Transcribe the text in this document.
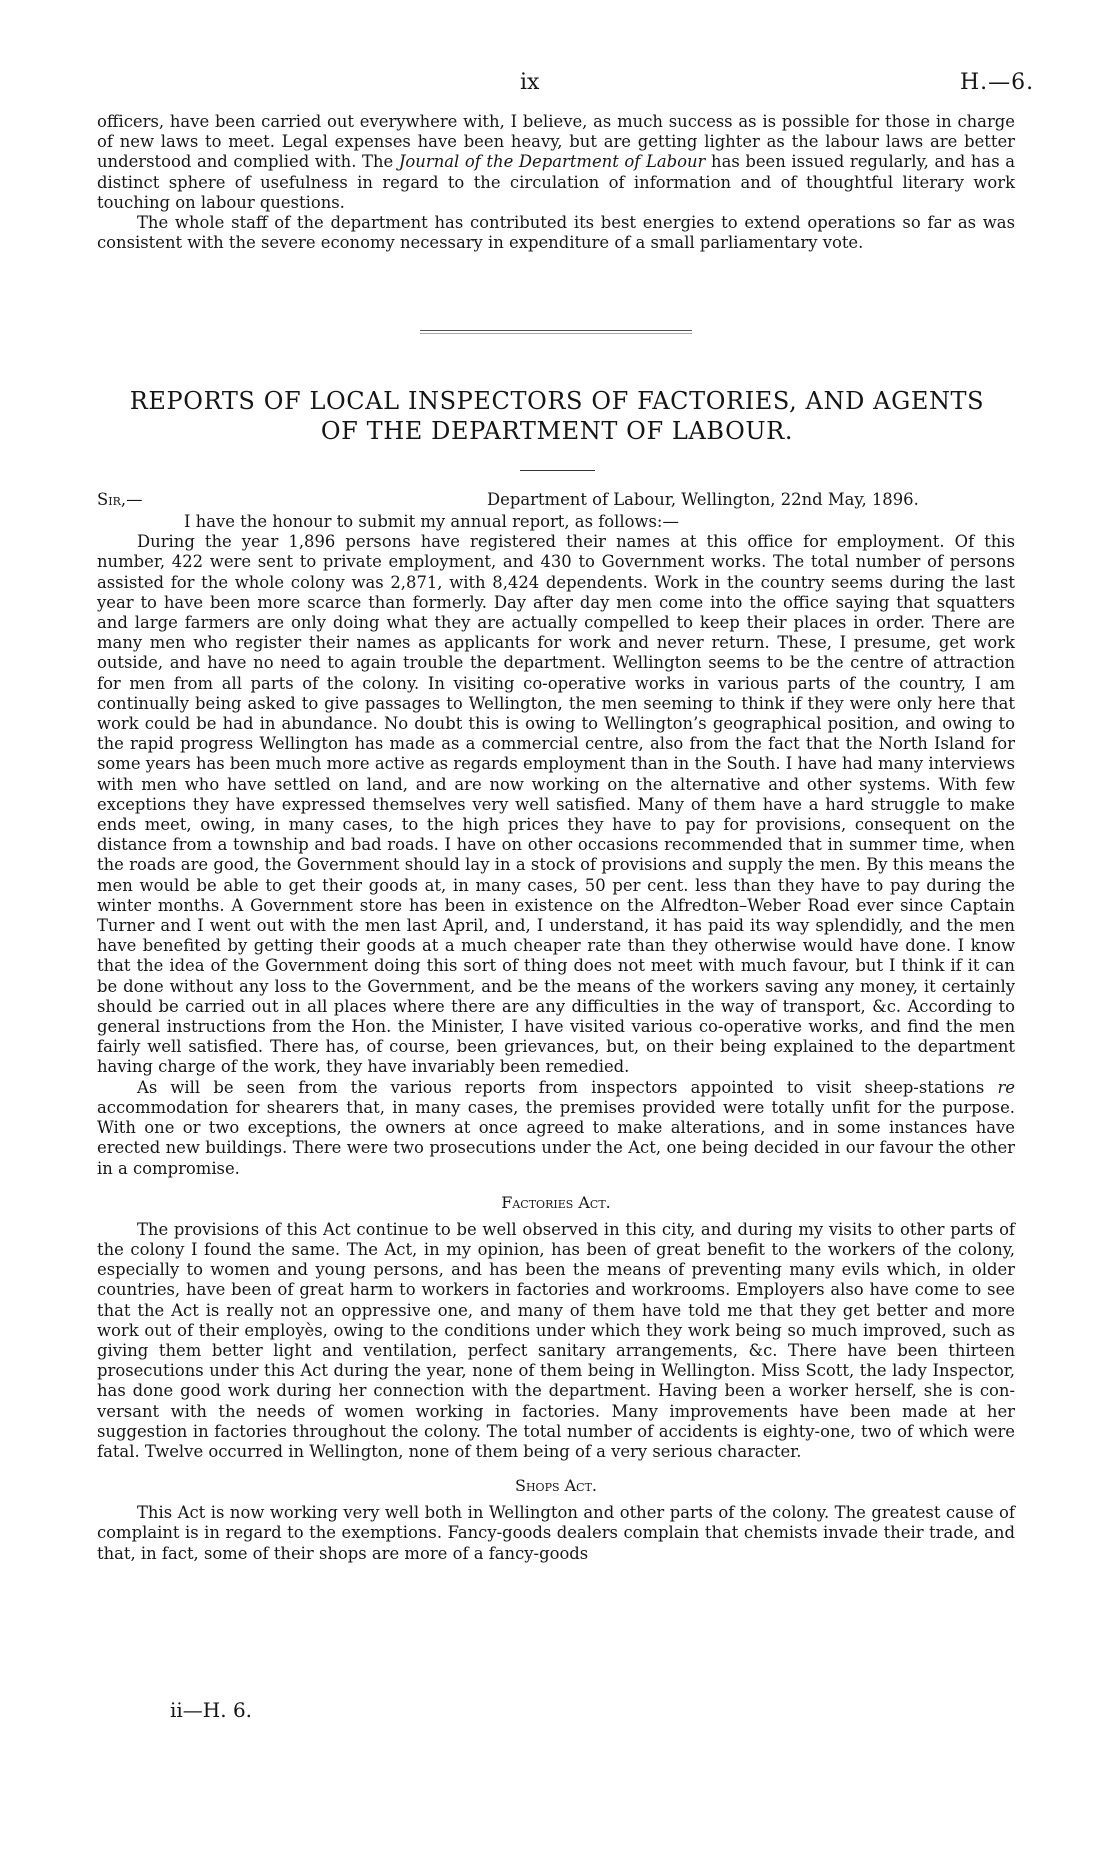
ix	H.—6.

officers, have been carried out everywhere with, I believe, as much success as is possible for those in charge of new laws to meet. Legal expenses have been heavy, but are getting lighter as the labour laws are better understood and complied with. The Journal of the Department of Labour has been issued regularly, and has a distinct sphere of usefulness in regard to the circulation of information and of thoughtful literary work touching on labour questions.

The whole staff of the department has contributed its best energies to extend operations so far as was consistent with the severe economy necessary in expenditure of a small parliamentary vote.

REPORTS OF LOCAL INSPECTORS OF FACTORIES, AND AGENTS
OF THE DEPARTMENT OF LABOUR.
Sir,—	Department of Labour, Wellington, 22nd May, 1896.
I have the honour to submit my annual report, as follows:—

During the year 1,896 persons have registered their names at this office for employment. Of this number, 422 were sent to private employment, and 430 to Government works. The total number of persons assisted for the whole colony was 2,871, with 8,424 dependents. Work in the country seems during the last year to have been more scarce than formerly. Day after day men come into the office saying that squatters and large farmers are only doing what they are actually compelled to keep their places in order. There are many men who register their names as applicants for work and never return. These, I presume, get work outside, and have no need to again trouble the department. Wellington seems to be the centre of attraction for men from all parts of the colony. In visiting co-operative works in various parts of the country, I am continually being asked to give passages to Wellington, the men seeming to think if they were only here that work could be had in abundance. No doubt this is owing to Wellington’s geographical position, and owing to the rapid progress Wellington has made as a commercial centre, also from the fact that the North Island for some years has been much more active as regards employment than in the South. I have had many interviews with men who have settled on land, and are now working on the alternative and other systems. With few exceptions they have expressed themselves very well satisfied. Many of them have a hard struggle to make ends meet, owing, in many cases, to the high prices they have to pay for provisions, consequent on the distance from a township and bad roads. I have on other occasions recommended that in summer time, when the roads are good, the Government should lay in a stock of provisions and supply the men. By this means the men would be able to get their goods at, in many cases, 50 per cent. less than they have to pay during the winter months. A Government store has been in existence on the Alfredton–Weber Road ever since Captain Turner and I went out with the men last April, and, I understand, it has paid its way splendidly, and the men have benefited by getting their goods at a much cheaper rate than they otherwise would have done. I know that the idea of the Government doing this sort of thing does not meet with much favour, but I think if it can be done without any loss to the Government, and be the means of the workers saving any money, it certainly should be carried out in all places where there are any difficulties in the way of transport, &c. According to general instructions from the Hon. the Minister, I have visited various co-operative works, and find the men fairly well satisfied. There has, of course, been grievances, but, on their being explained to the department having charge of the work, they have invariably been remedied.

As will be seen from the various reports from inspectors appointed to visit sheep-stations re accommodation for shearers that, in many cases, the premises provided were totally unfit for the purpose. With one or two exceptions, the owners at once agreed to make alterations, and in some instances have erected new buildings. There were two prosecutions under the Act, one being decided in our favour the other in a compromise.

Factories Act.

The provisions of this Act continue to be well observed in this city, and during my visits to other parts of the colony I found the same. The Act, in my opinion, has been of great benefit to the workers of the colony, especially to women and young persons, and has been the means of preventing many evils which, in older countries, have been of great harm to workers in factories and workrooms. Employers also have come to see that the Act is really not an oppressive one, and many of them have told me that they get better and more work out of their employès, owing to the conditions under which they work being so much improved, such as giving them better light and ventilation, perfect sanitary arrangements, &c. There have been thirteen prosecutions under this Act during the year, none of them being in Wellington. Miss Scott, the lady Inspector, has done good work during her connection with the department. Having been a worker herself, she is conversant with the needs of women working in factories. Many improvements have been made at her suggestion in factories throughout the colony. The total number of accidents is eighty-one, two of which were fatal. Twelve occurred in Wellington, none of them being of a very serious character.

Shops Act.

This Act is now working very well both in Wellington and other parts of the colony. The greatest cause of complaint is in regard to the exemptions. Fancy-goods dealers complain that chemists invade their trade, and that, in fact, some of their shops are more of a fancy-goods

ii—H. 6.
